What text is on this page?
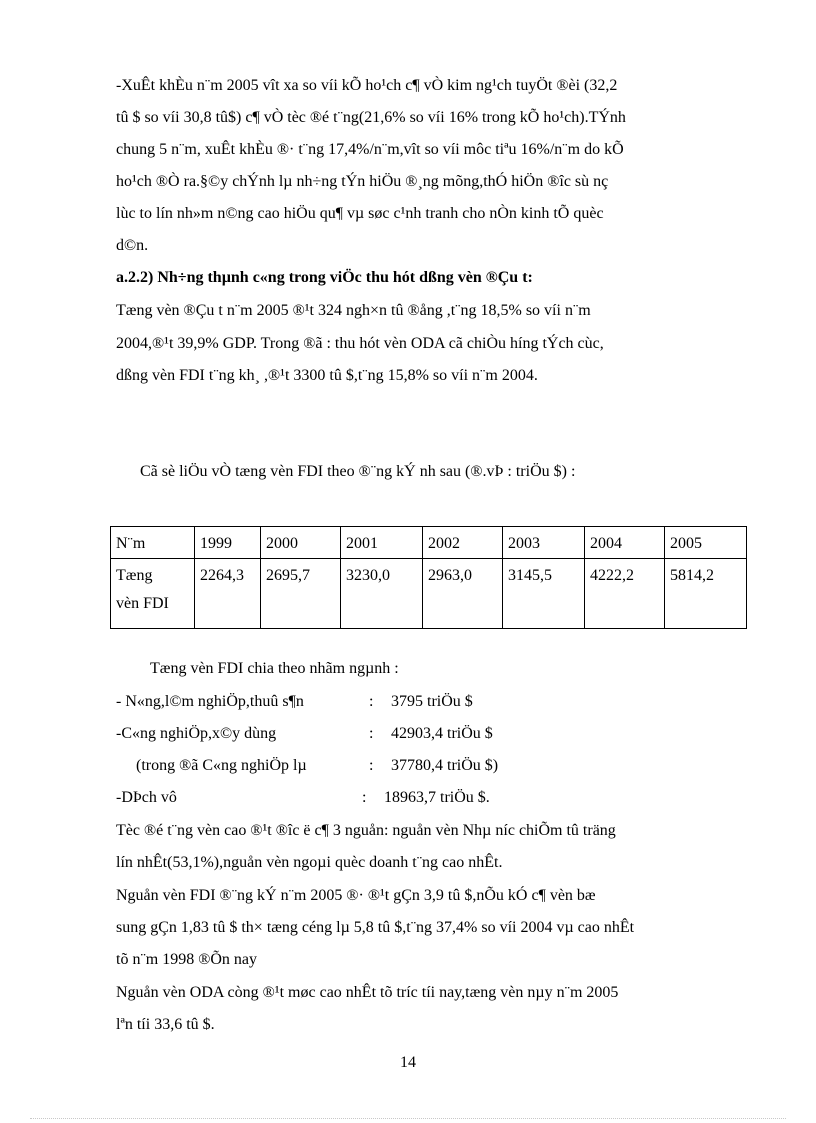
-XuÊt khÈu n¨m 2005 vît xa so víi kÕ ho¹ch c¶ vÒ kim ng¹ch tuyÖt ®èi (32,2
tû $ so víi 30,8 tû$) c¶ vÒ tèc ®é t¨ng(21,6% so víi 16% trong kÕ ho¹ch).TÝnh
chung 5 n¨m, xuÊt khÈu ®· t¨ng 17,4%/n¨m,vît so víi môc tiªu 16%/n¨m do kÕ
ho¹ch ®Ò ra.§©y chÝnh lµ nh÷ng tÝn hiÖu ®¸ng mõng,thÓ hiÖn ®îc sù nç
lùc to lín nh»m n©ng cao hiÖu qu¶ vµ søc c¹nh tranh cho nÒn kinh tÕ quèc
d©n.
a.2.2) Nh÷ng thµnh c«ng trong viÖc thu hót dßng vèn ®Çu t:
Tæng vèn ®Çu t n¨m 2005 ®¹t 324 ngh×n tû ®ång ,t¨ng 18,5% so víi n¨m
2004,®¹t 39,9% GDP. Trong ®ã : thu hót vèn ODA cã chiÒu híng tÝch cùc,
dßng vèn FDI t¨ng kh¸ ,®¹t 3300 tû $,t¨ng 15,8% so víi n¨m 2004.
Cã sè liÖu vÒ tæng vèn FDI theo ®¨ng kÝ nh sau (®.vÞ : triÖu $) :
N¨m	1999	2000	2001	2002	2003	2004	2005

Tæng
vèn FDI	2264,3	2695,7	3230,0	2963,0	3145,5	4222,2	5814,2
Tæng vèn FDI chia theo nhãm ngµnh :
- N«ng,l©m nghiÖp,thuû s¶n	: 3795 triÖu $
-C«ng nghiÖp,x©y dùng	: 42903,4 triÖu $
(trong ®ã C«ng nghiÖp lµ	: 37780,4 triÖu $)
-DÞch vô	: 18963,7 triÖu $.
Tèc ®é t¨ng vèn cao ®¹t ®îc ë c¶ 3 nguån: nguån vèn Nhµ níc chiÕm tû träng
lín nhÊt(53,1%),nguån vèn ngoµi quèc doanh t¨ng cao nhÊt.
Nguån vèn FDI ®¨ng kÝ n¨m 2005 ®· ®¹t gÇn 3,9 tû $,nÕu kÓ c¶ vèn bæ
sung gÇn 1,83 tû $ th× tæng céng lµ 5,8 tû $,t¨ng 37,4% so víi 2004 vµ cao nhÊt
tõ n¨m 1998 ®Õn nay
Nguån vèn ODA còng ®¹t møc cao nhÊt tõ tríc tíi nay,tæng vèn nµy n¨m 2005
lªn tíi 33,6 tû $.
14
